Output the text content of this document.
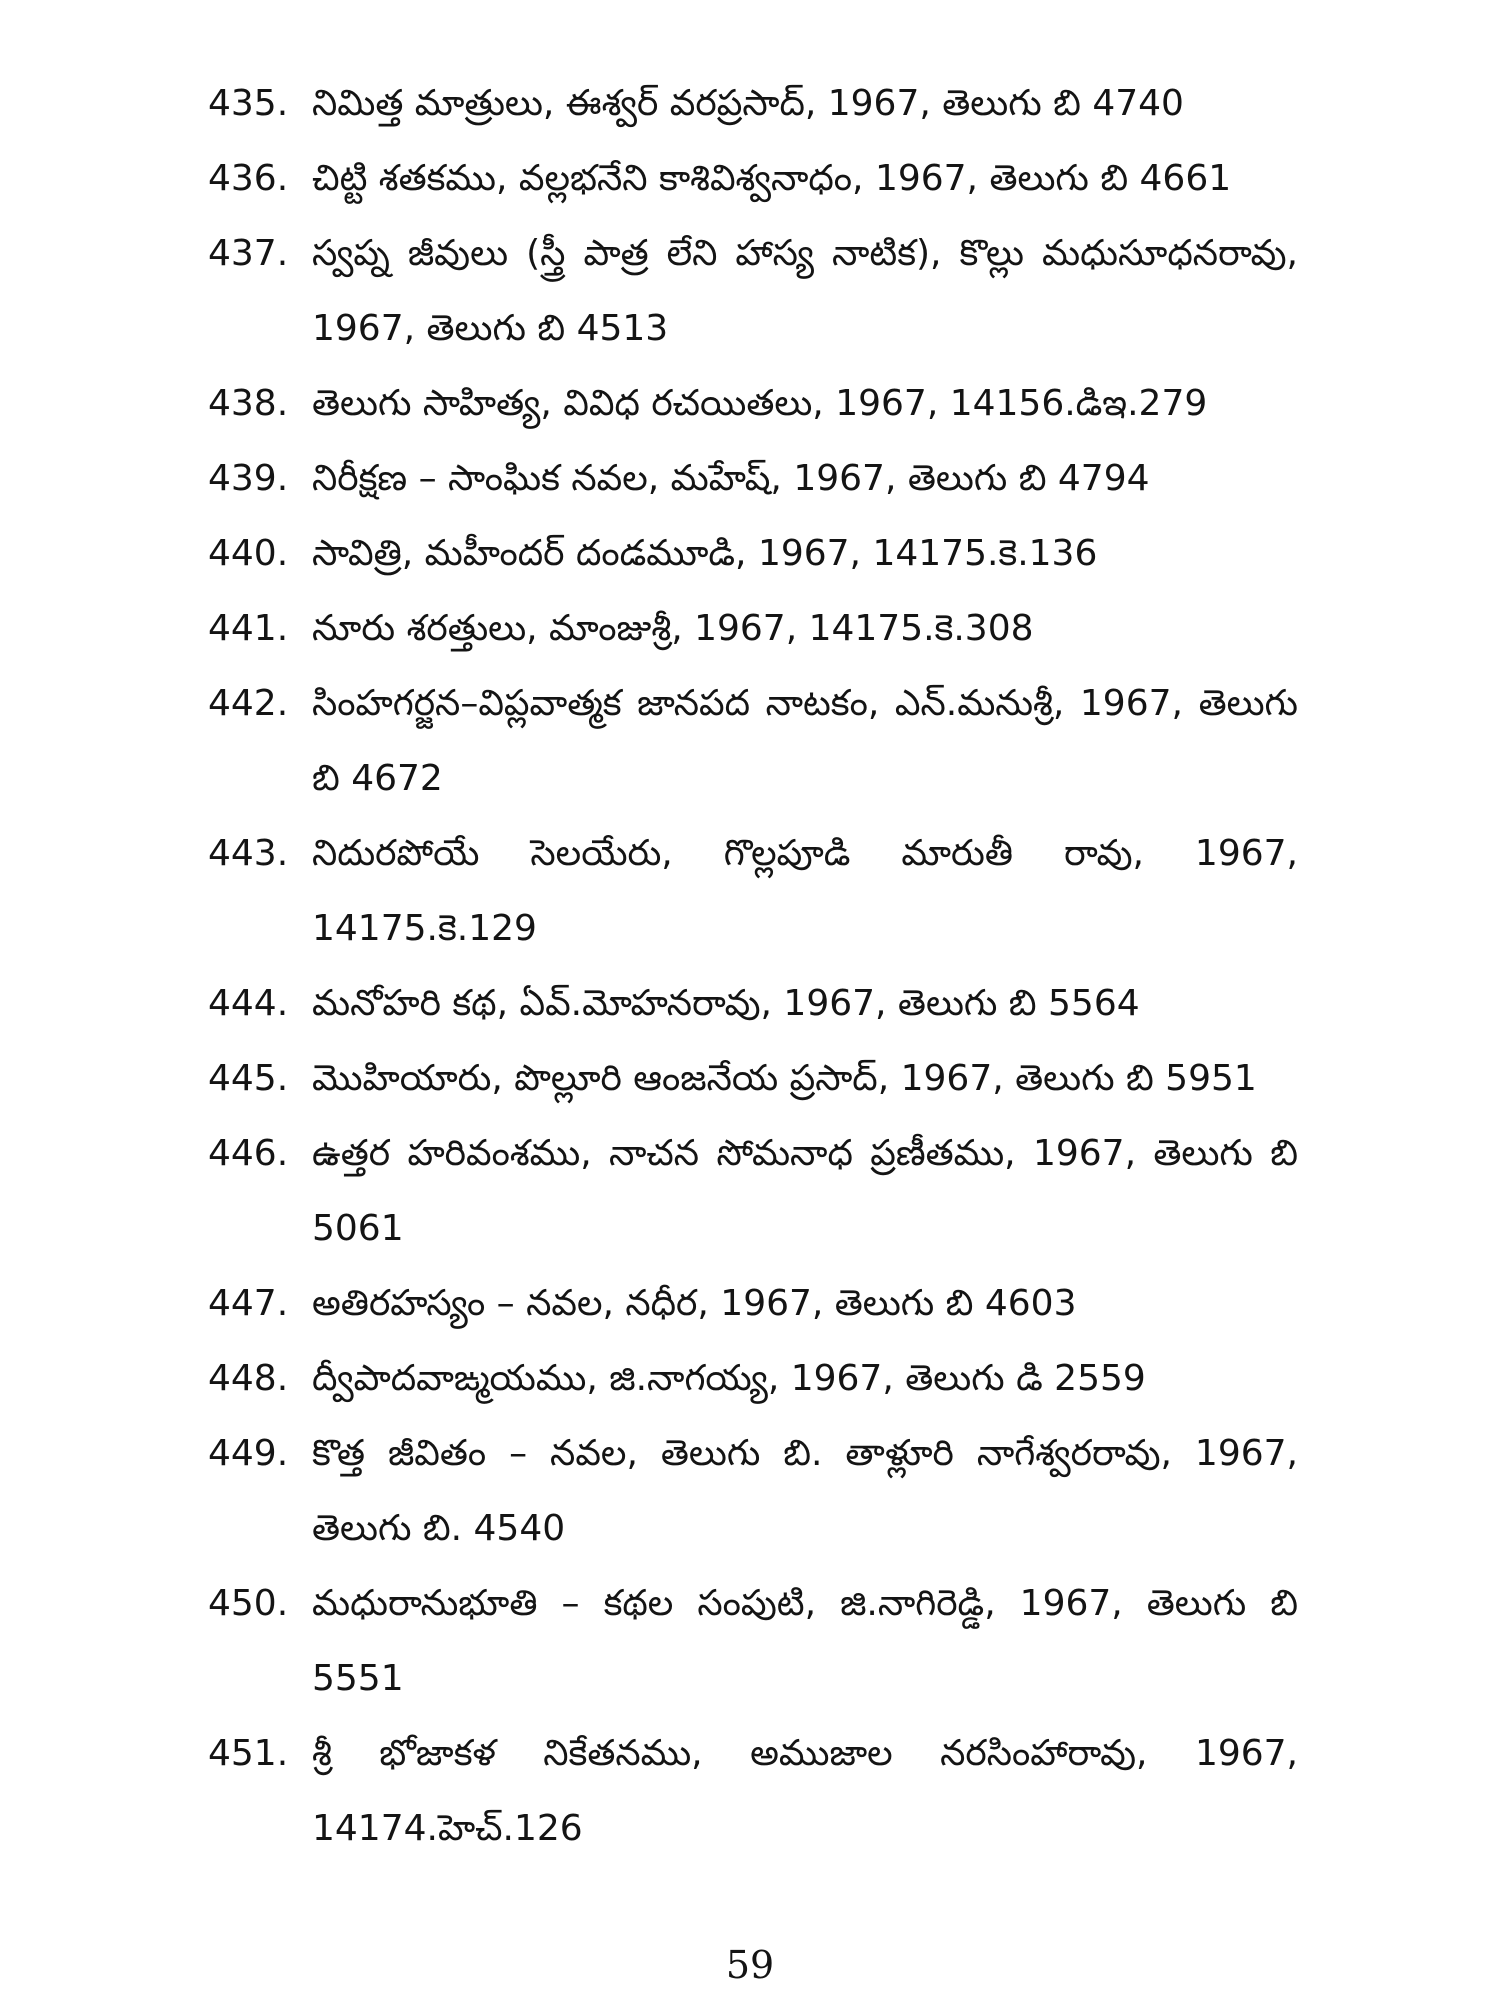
435. నిమిత్త మాత్రులు, ఈశ్వర్ వరప్రసాద్, 1967, తెలుగు బి 4740
436. చిట్టి శతకము, వల్లభనేని కాశివిశ్వనాధం, 1967, తెలుగు బి 4661
437. స్వప్న జీవులు (స్త్రీ పాత్ర లేని హాస్య నాటిక), కొల్లు మధుసూధనరావు, 1967, తెలుగు బి 4513
438. తెలుగు సాహిత్య, వివిధ రచయితలు, 1967, 14156.డిఇ.279
439. నిరీక్షణ – సాంఘిక నవల, మహేష్, 1967, తెలుగు బి 4794
440. సావిత్రి, మహీందర్ దండమూడి, 1967, 14175.కె.136
441. నూరు శరత్తులు, మాంజుశ్రీ, 1967, 14175.కె.308
442. సింహగర్జన–విప్లవాత్మక జానపద నాటకం, ఎన్.మనుశ్రీ, 1967, తెలుగు బి 4672
443. నిదురపోయే సెలయేరు, గొల్లపూడి మారుతీ రావు, 1967, 14175.కె.129
444. మనోహరి కథ, ఏవ్.మోహనరావు, 1967, తెలుగు బి 5564
445. మొహియారు, పొల్లూరి ఆంజనేయ ప్రసాద్, 1967, తెలుగు బి 5951
446. ఉత్తర హరివంశము, నాచన సోమనాధ ప్రణీతము, 1967, తెలుగు బి 5061
447. అతిరహస్యం – నవల, నధీర, 1967, తెలుగు బి 4603
448. ద్వీపాదవాఙ్మయము, జి.నాగయ్య, 1967, తెలుగు డి 2559
449. కొత్త జీవితం – నవల, తెలుగు బి. తాళ్లూరి నాగేశ్వరరావు, 1967, తెలుగు బి. 4540
450. మధురానుభూతి – కథల సంపుటి, జి.నాగిరెడ్డి, 1967, తెలుగు బి 5551
451. శ్రీ భోజాకళ నికేతనము, అముజాల నరసింహారావు, 1967, 14174.హెచ్.126
59
